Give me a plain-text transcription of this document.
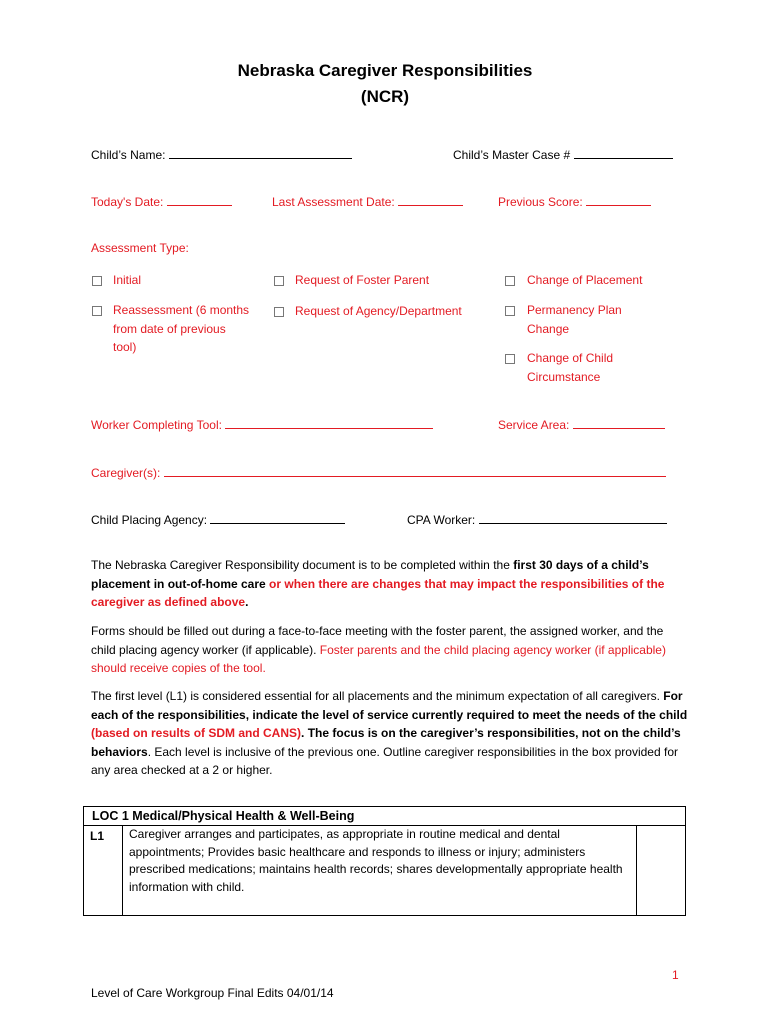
Nebraska Caregiver Responsibilities
(NCR)
Child’s Name:	Child’s Master Case #
Today's Date:	Last Assessment Date:	Previous Score:
Assessment Type:
Initial
Reassessment (6 months
from date of previous
tool)
Request of Foster Parent
Request of Agency/Department
Change of Placement
Permanency Plan
Change
Change of Child
Circumstance
Worker Completing Tool:	Service Area:
Caregiver(s):
Child Placing Agency:	CPA Worker:

The Nebraska Caregiver Responsibility document is to be completed within the first 30 days of a child’s placement in out-of-home care or when there are changes that may impact the responsibilities of the caregiver as defined above.

Forms should be filled out during a face-to-face meeting with the foster parent, the assigned worker, and the child placing agency worker (if applicable). Foster parents and the child placing agency worker (if applicable) should receive copies of the tool.

The first level (L1) is considered essential for all placements and the minimum expectation of all caregivers. For each of the responsibilities, indicate the level of service currently required to meet the needs of the child (based on results of SDM and CANS). The focus is on the caregiver’s responsibilities, not on the child’s behaviors. Each level is inclusive of the previous one. Outline caregiver responsibilities in the box provided for any area checked at a 2 or higher.

LOC 1 Medical/Physical Health & Well-Being
L1	Caregiver arranges and participates, as appropriate in routine medical and dental appointments; Provides basic healthcare and responds to illness or injury; administers prescribed medications; maintains health records; shares developmentally appropriate health information with child.	
1
Level of Care Workgroup Final Edits 04/01/14
